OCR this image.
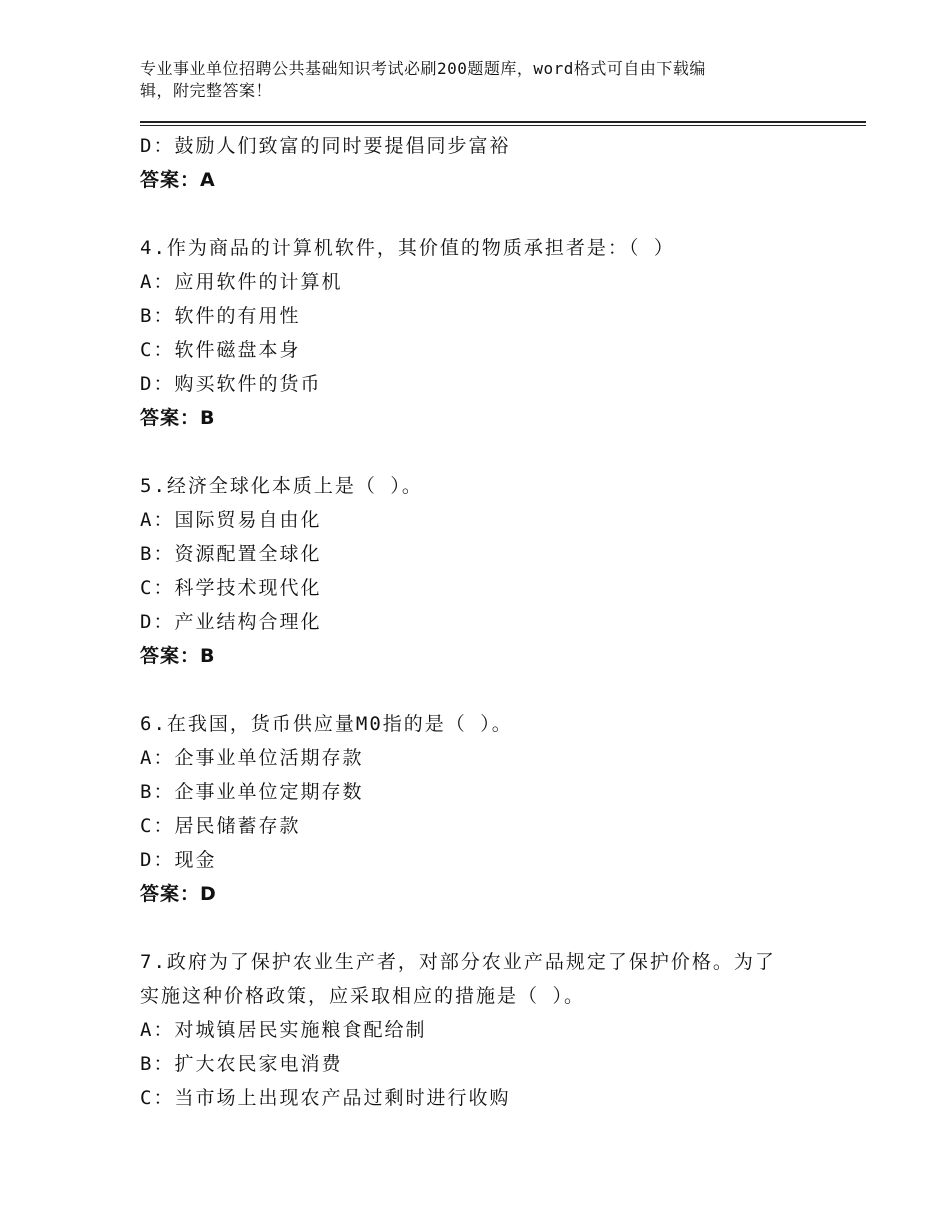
专业事业单位招聘公共基础知识考试必刷200题题库，word格式可自由下载编
辑，附完整答案！
D：鼓励人们致富的同时要提倡同步富裕
答案：A
4.作为商品的计算机软件，其价值的物质承担者是：（ ）
A：应用软件的计算机
B：软件的有用性
C：软件磁盘本身
D：购买软件的货币
答案：B
5.经济全球化本质上是（ ）。
A：国际贸易自由化
B：资源配置全球化
C：科学技术现代化
D：产业结构合理化
答案：B
6.在我国，货币供应量M0指的是（ ）。
A：企事业单位活期存款
B：企事业单位定期存数
C：居民储蓄存款
D：现金
答案：D
7.政府为了保护农业生产者，对部分农业产品规定了保护价格。为了
实施这种价格政策，应采取相应的措施是（ ）。
A：对城镇居民实施粮食配给制
B：扩大农民家电消费
C：当市场上出现农产品过剩时进行收购
